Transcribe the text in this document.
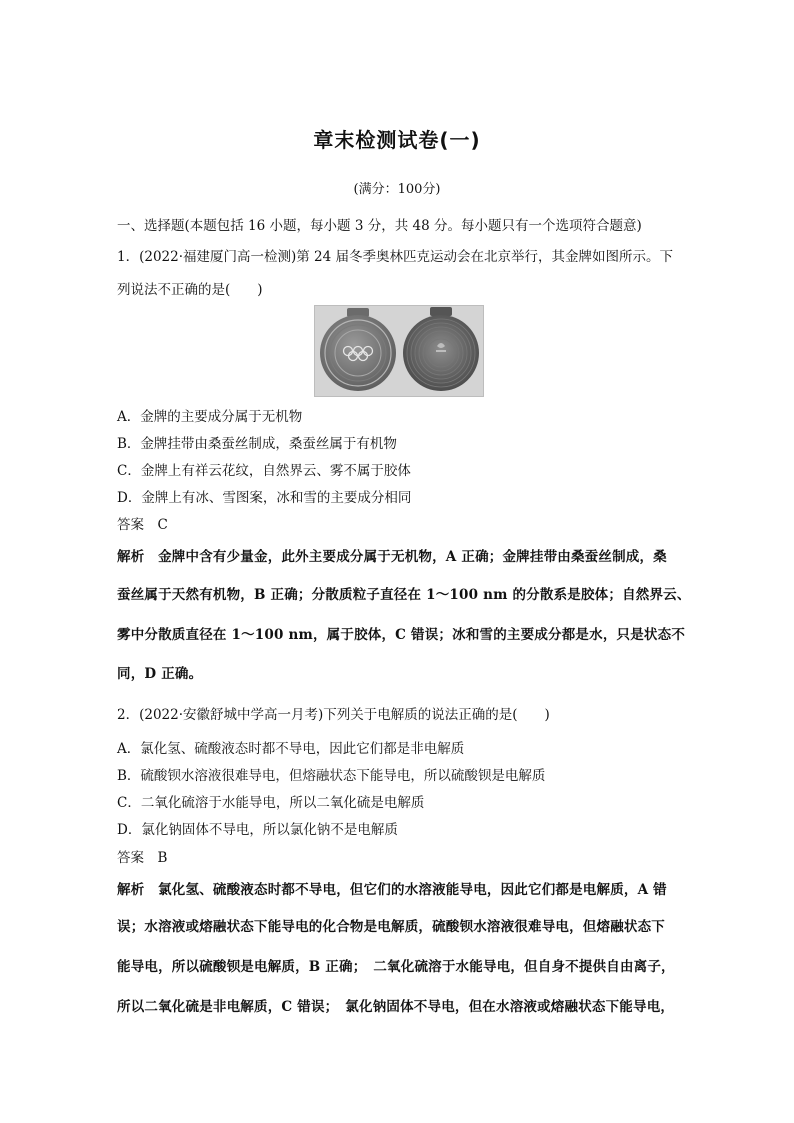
章末检测试卷(一)
(满分：100分)
一、选择题(本题包括 16 小题，每小题 3 分，共 48 分。每小题只有一个选项符合题意)
1．(2022·福建厦门高一检测)第 24 届冬季奥林匹克运动会在北京举行，其金牌如图所示。下
列说法不正确的是(　　)
A．金牌的主要成分属于无机物
B．金牌挂带由桑蚕丝制成，桑蚕丝属于有机物
C．金牌上有祥云花纹，自然界云、雾不属于胶体
D．金牌上有冰、雪图案，冰和雪的主要成分相同
答案　C
解析　金牌中含有少量金，此外主要成分属于无机物，A 正确；金牌挂带由桑蚕丝制成，桑
蚕丝属于天然有机物，B 正确；分散质粒子直径在 1～100 nm 的分散系是胶体；自然界云、
雾中分散质直径在 1～100 nm，属于胶体，C 错误；冰和雪的主要成分都是水，只是状态不
同，D 正确。
2．(2022·安徽舒城中学高一月考)下列关于电解质的说法正确的是(　　)
A．氯化氢、硫酸液态时都不导电，因此它们都是非电解质
B．硫酸钡水溶液很难导电，但熔融状态下能导电，所以硫酸钡是电解质
C．二氧化硫溶于水能导电，所以二氧化硫是电解质
D．氯化钠固体不导电，所以氯化钠不是电解质
答案　B
解析　氯化氢、硫酸液态时都不导电，但它们的水溶液能导电，因此它们都是电解质，A 错
误；水溶液或熔融状态下能导电的化合物是电解质，硫酸钡水溶液很难导电，但熔融状态下
能导电，所以硫酸钡是电解质，B 正确；　二氧化硫溶于水能导电，但自身不提供自由离子，
所以二氧化硫是非电解质，C 错误；　氯化钠固体不导电，但在水溶液或熔融状态下能导电，
